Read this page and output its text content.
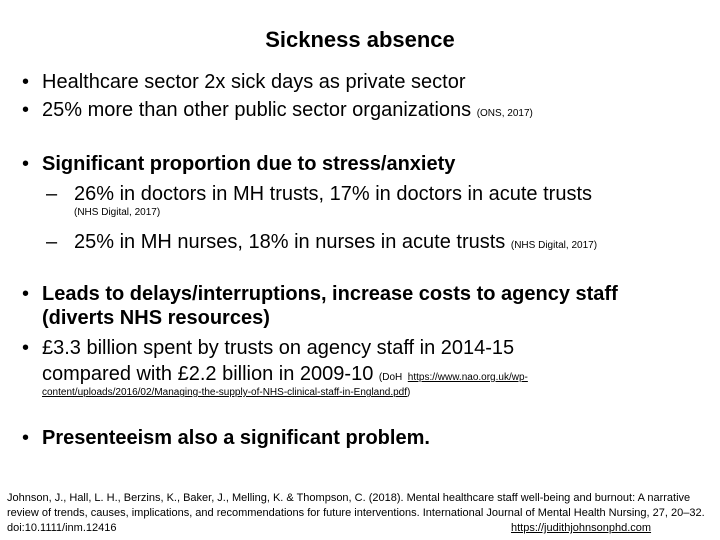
Sickness absence
• Healthcare sector 2x sick days as private sector
• 25% more than other public sector organizations (ONS, 2017)
• Significant proportion due to stress/anxiety
– 26% in doctors in MH trusts, 17% in doctors in acute trusts
(NHS Digital, 2017)
– 25% in MH nurses, 18% in nurses in acute trusts (NHS Digital, 2017)
• Leads to delays/interruptions, increase costs to agency staff
(diverts NHS resources)
• £3.3 billion spent by trusts on agency staff in 2014-15
compared with £2.2 billion in 2009-10 (DoH https://www.nao.org.uk/wp-
content/uploads/2016/02/Managing-the-supply-of-NHS-clinical-staff-in-England.pdf)
• Presenteeism also a significant problem.
Johnson, J., Hall, L. H., Berzins, K., Baker, J., Melling, K. & Thompson, C. (2018). Mental healthcare staff well-being and burnout: A narrative
review of trends, causes, implications, and recommendations for future interventions. International Journal of Mental Health Nursing, 27, 20–32.
doi:10.1111/inm.12416	https://judithjohnsonphd.com
